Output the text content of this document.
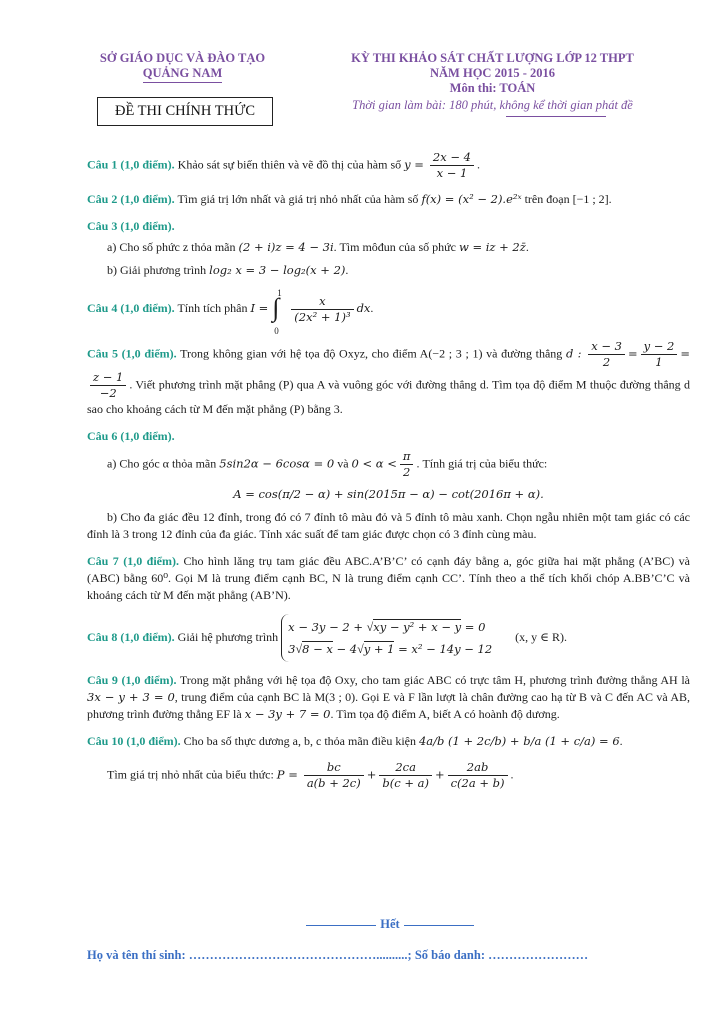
SỞ GIÁO DỤC VÀ ĐÀO TẠO
QUẢNG NAM
ĐỀ THI CHÍNH THỨC
KỲ THI KHẢO SÁT CHẤT LƯỢNG LỚP 12 THPT
NĂM HỌC 2015 - 2016
Môn thi: TOÁN
Thời gian làm bài: 180 phút, không kể thời gian phát đề
Câu 1 (1,0 điểm). Khảo sát sự biến thiên và vẽ đồ thị của hàm số $y = \frac{2x - 4}{x - 1}$ .
Câu 2 (1,0 điểm). Tìm giá trị lớn nhất và giá trị nhỏ nhất của hàm số f(x) = (x² − 2).e²ˣ trên đoạn [−1 ; 2].
Câu 3 (1,0 điểm).
a) Cho số phức z thỏa mãn (2 + i)z = 4 − 3i. Tìm môđun của số phức w = iz + 2z̄.
b) Giải phương trình log₂ x = 3 − log₂(x + 2).
Câu 4 (1,0 điểm). Tính tích phân I = ∫
1
0

$\frac{x}{\text{(2x² + 1)³}}$ dx.
Câu 5 (1,0 điểm). Trong không gian với hệ tọa độ Oxyz, cho điểm A(−2 ; 3 ; 1) và đường thẳng d : $\frac{x - 3}{2} = \frac{y - 2}{1}$ =
$\frac{z - 1}{-2}$ . Viết phương trình mặt phẳng (P) qua A và vuông góc với đường thẳng d. Tìm tọa độ điểm M thuộc đường thẳng d sao cho khoảng cách từ M đến mặt phẳng (P) bằng 3.
Câu 6 (1,0 điểm).
a) Cho góc α thỏa mãn 5sin2α − 6cosα = 0 và $0 < \alpha < \frac{\pi}{2}$ . Tính giá trị của biểu thức:
A = cos(π/2 − α) + sin(2015π − α) − cot(2016π + α).
b) Cho đa giác đều 12 đỉnh, trong đó có 7 đỉnh tô màu đỏ và 5 đỉnh tô màu xanh. Chọn ngẫu nhiên một tam giác có các đỉnh là 3 trong 12 đỉnh của đa giác. Tính xác suất để tam giác được chọn có 3 đỉnh cùng màu.
Câu 7 (1,0 điểm). Cho hình lăng trụ tam giác đều ABC.A’B’C’ có cạnh đáy bằng a, góc giữa hai mặt phẳng (A’BC) và (ABC) bằng 60⁰. Gọi M là trung điểm cạnh BC, N là trung điểm cạnh CC’. Tính theo a thể tích khối chóp A.BB’C’C và khoảng cách từ M đến mặt phẳng (AB’N).
Câu 8 (1,0 điểm). Giải hệ phương trình x − 3y − 2 + √xy − y² + x − y = 0
3√8 − x − 4√y + 1 = x² − 14y − 12 (x, y ∈ R).
Câu 9 (1,0 điểm). Trong mặt phẳng với hệ tọa độ Oxy, cho tam giác ABC có trực tâm H, phương trình đường thẳng AH là 3x − y + 3 = 0, trung điểm của cạnh BC là M(3 ; 0). Gọi E và F lần lượt là chân đường cao hạ từ B và C đến AC và AB, phương trình đường thẳng EF là x − 3y + 7 = 0. Tìm tọa độ điểm A, biết A có hoành độ dương.
Câu 10 (1,0 điểm). Cho ba số thực dương a, b, c thỏa mãn điều kiện 4a/b (1 + 2c/b) + b/a (1 + c/a) = 6.
Tìm giá trị nhỏ nhất của biểu thức: $P = \frac{bc}{a(b + 2c)} + \frac{2ca}{b(c + a)} + \frac{2ab}{c(2a + b)}$ .
Hết
Họ và tên thí sinh: ………………………………………..........; Số báo danh: ……………………
